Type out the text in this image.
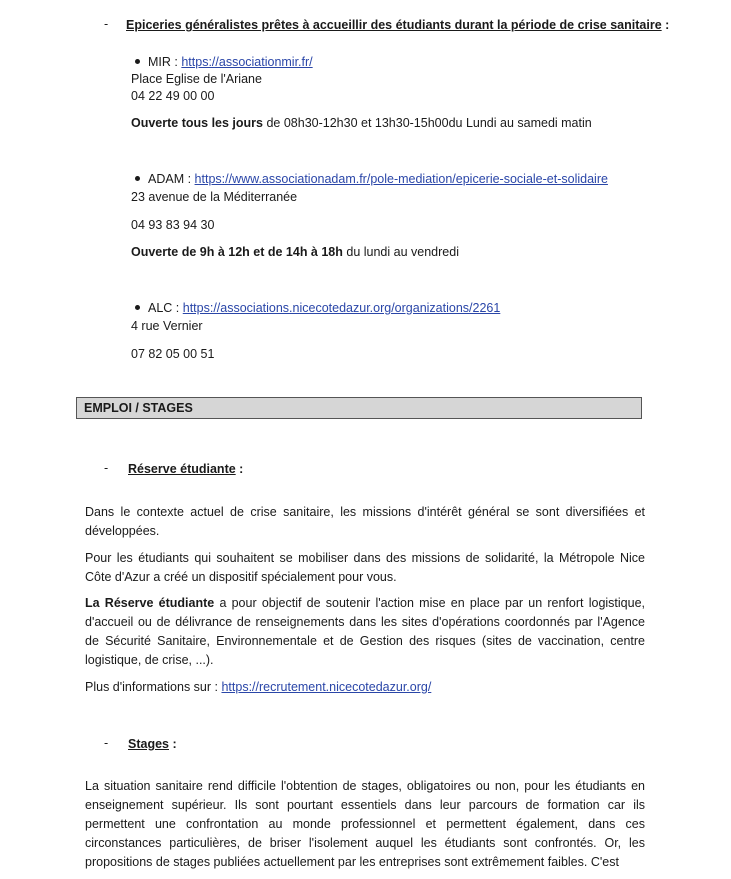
- Epiceries généralistes prêtes à accueillir des étudiants durant la période de crise sanitaire :
MIR : https://associationmir.fr/
Place Eglise de l'Ariane
04 22 49 00 00
Ouverte tous les jours de 08h30-12h30 et 13h30-15h00du Lundi au samedi matin
ADAM : https://www.associationadam.fr/pole-mediation/epicerie-sociale-et-solidaire
23 avenue de la Méditerranée
04 93 83 94 30
Ouverte de 9h à 12h et de 14h à 18h du lundi au vendredi
ALC : https://associations.nicecotedazur.org/organizations/2261
4 rue Vernier
07 82 05 00 51
EMPLOI / STAGES
- Réserve étudiante :

Dans le contexte actuel de crise sanitaire, les missions d'intérêt général se sont diversifiées et développées.

Pour les étudiants qui souhaitent se mobiliser dans des missions de solidarité, la Métropole Nice Côte d'Azur a créé un dispositif spécialement pour vous.

La Réserve étudiante a pour objectif de soutenir l'action mise en place par un renfort logistique, d'accueil ou de délivrance de renseignements dans les sites d'opérations coordonnés par l'Agence de Sécurité Sanitaire, Environnementale et de Gestion des risques (sites de vaccination, centre logistique, de crise, ...).

Plus d'informations sur : https://recrutement.nicecotedazur.org/
- Stages :

La situation sanitaire rend difficile l'obtention de stages, obligatoires ou non, pour les étudiants en enseignement supérieur. Ils sont pourtant essentiels dans leur parcours de formation car ils permettent une confrontation au monde professionnel et permettent également, dans ces circonstances particulières, de briser l'isolement auquel les étudiants sont confrontés. Or, les propositions de stages publiées actuellement par les entreprises sont extrêmement faibles. C'est
